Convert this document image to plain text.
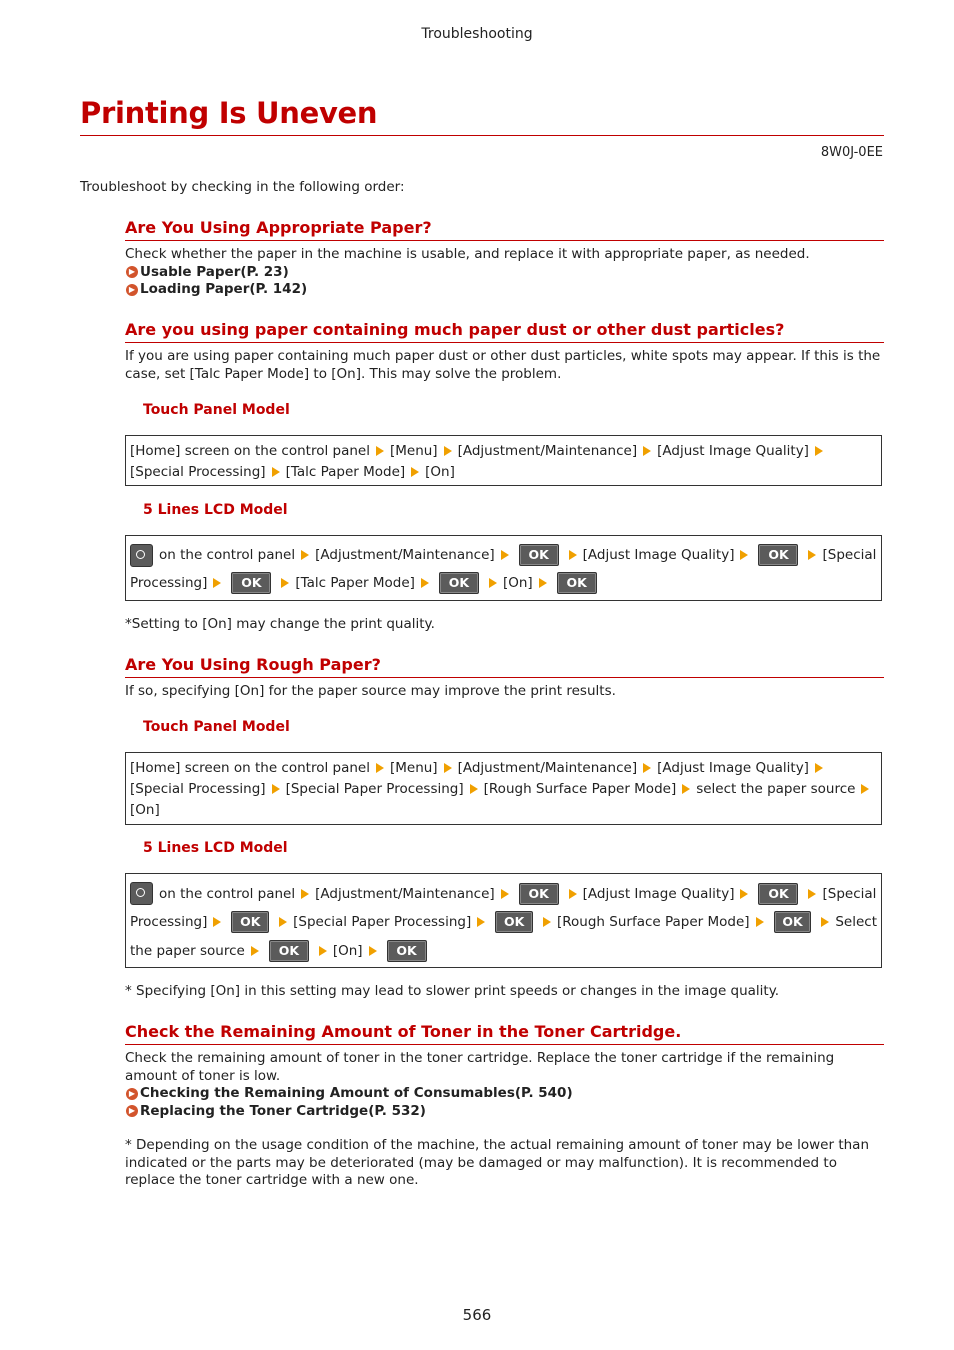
Troubleshooting
Printing Is Uneven
8W0J-0EE
Troubleshoot by checking in the following order:
Are You Using Appropriate Paper?

Check whether the paper in the machine is usable, and replace it with appropriate paper, as needed.

▶ Usable Paper(P. 23)
▶ Loading Paper(P. 142)
Are you using paper containing much paper dust or other dust particles?

If you are using paper containing much paper dust or other dust particles, white spots may appear. If this is the case, set [Talc Paper Mode] to [On]. This may solve the problem.

Touch Panel Model
[Home] screen on the control panel [Menu] [Adjustment/Maintenance] [Adjust Image Quality]
[Special Processing] [Talc Paper Mode] [On]
5 Lines LCD Model
on the control panel [Adjustment/Maintenance]	OK	[Adjust Image Quality]	OK	[Special
Processing]	OK	[Talc Paper Mode]	OK	[On]	OK
*Setting to [On] may change the print quality.
Are You Using Rough Paper?

If so, specifying [On] for the paper source may improve the print results.

Touch Panel Model
[Home] screen on the control panel [Menu] [Adjustment/Maintenance] [Adjust Image Quality]
[Special Processing] [Special Paper Processing] [Rough Surface Paper Mode] select the paper source
[On]
5 Lines LCD Model
on the control panel [Adjustment/Maintenance]	OK	[Adjust Image Quality]	OK	[Special
Processing]	OK	[Special Paper Processing]	OK	[Rough Surface Paper Mode]	OK	Select
the paper source	OK	[On]	OK
* Specifying [On] in this setting may lead to slower print speeds or changes in the image quality.
Check the Remaining Amount of Toner in the Toner Cartridge.

Check the remaining amount of toner in the toner cartridge. Replace the toner cartridge if the remaining amount of toner is low.

▶ Checking the Remaining Amount of Consumables(P. 540)
▶ Replacing the Toner Cartridge(P. 532)

* Depending on the usage condition of the machine, the actual remaining amount of toner may be lower than indicated or the parts may be deteriorated (may be damaged or may malfunction). It is recommended to replace the toner cartridge with a new one.

566
